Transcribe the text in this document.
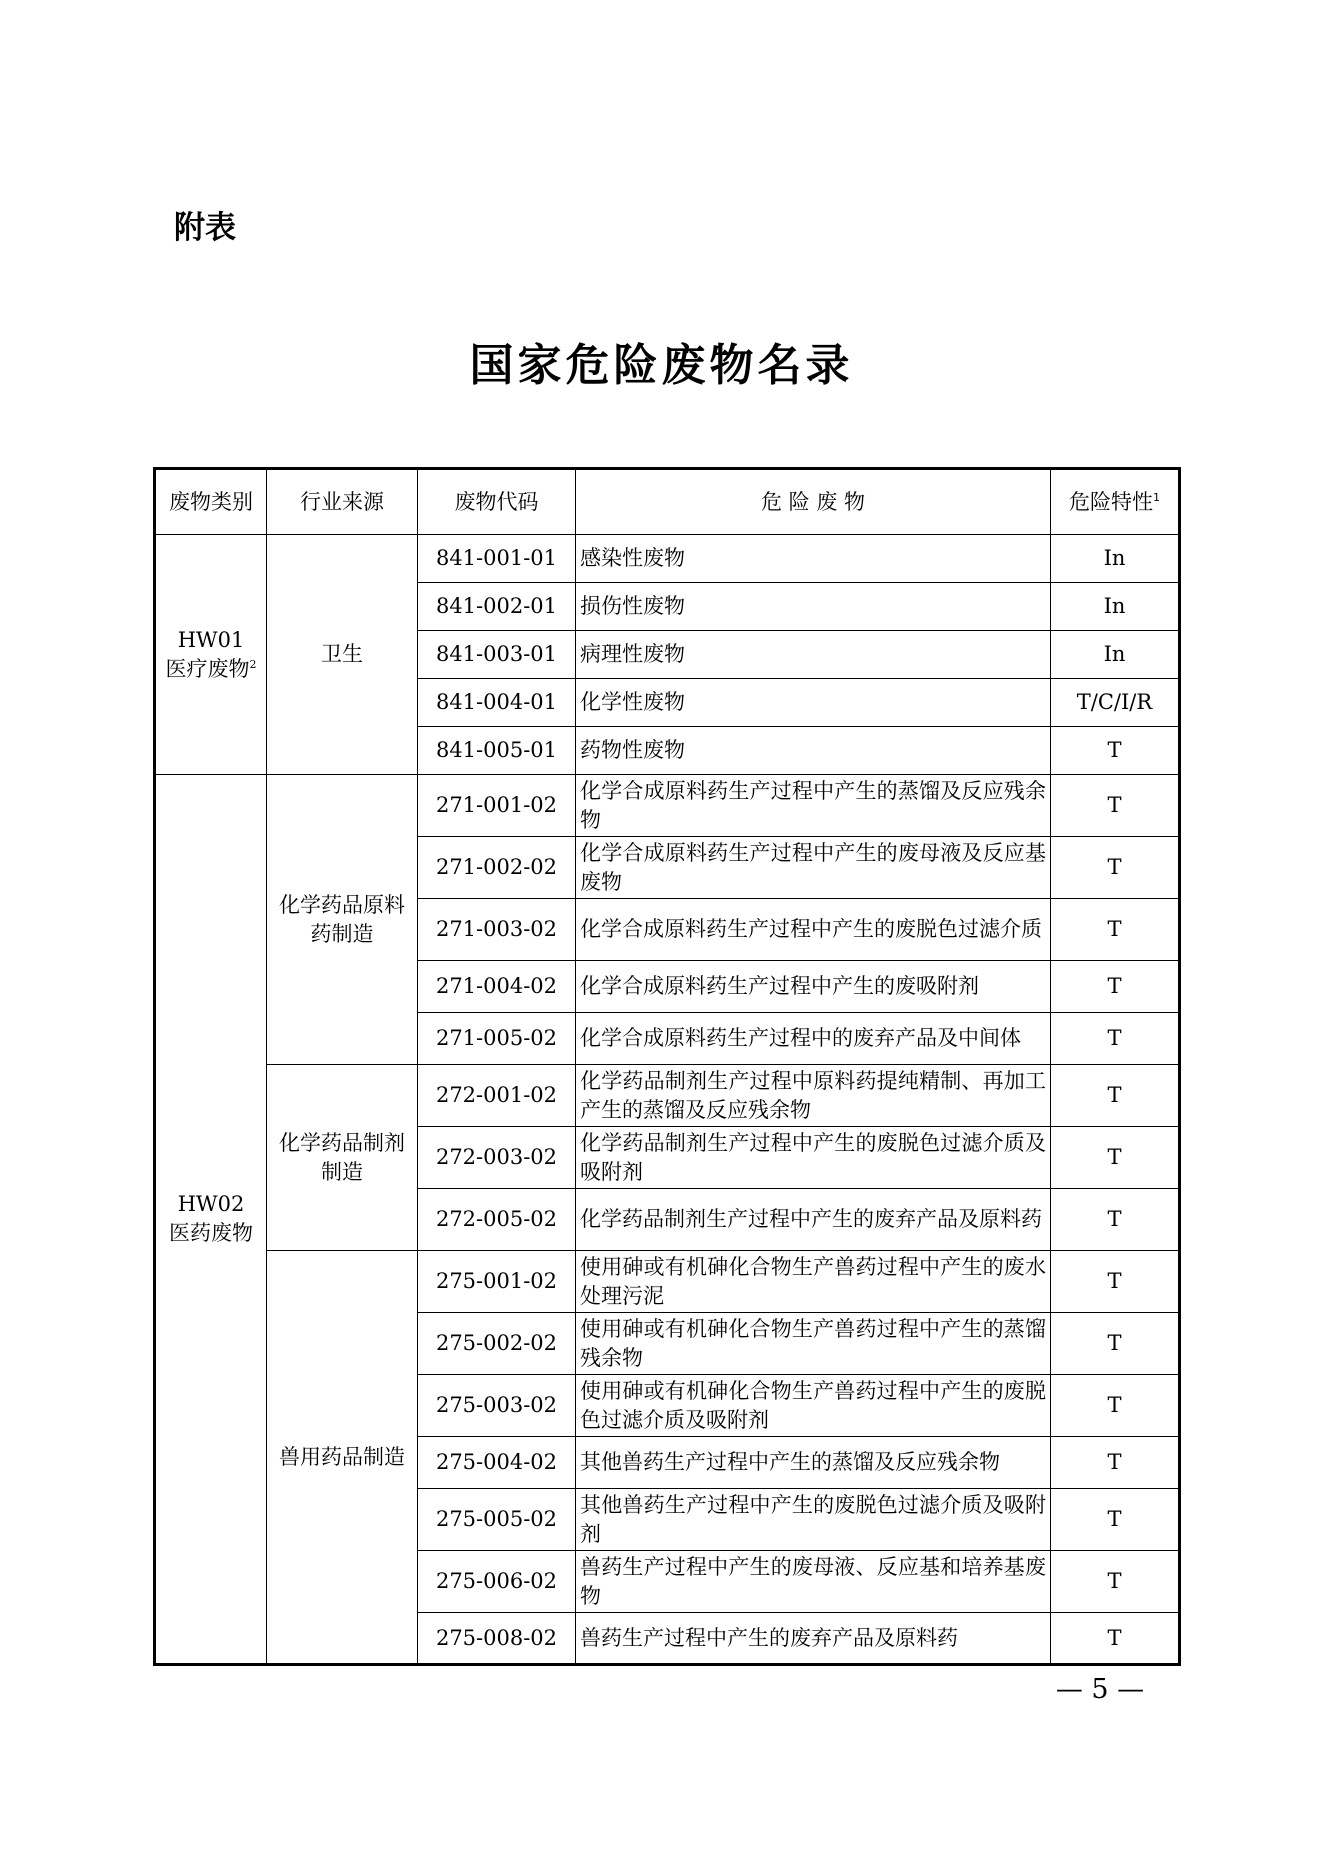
附表
国家危险废物名录
废物类别	行业来源	废物代码	危 险 废 物	危险特性$^1$

HW01
医疗废物$^2$	卫生	841-001-01	感染性废物	In
		841-002-01	损伤性废物	In
		841-003-01	病理性废物	In
		841-004-01	化学性废物	T/C/I/R
		841-005-01	药物性废物	T

HW02
医药废物	化学药品原料药制造	271-001-02	化学合成原料药生产过程中产生的蒸馏及反应残余物	T
		271-002-02	化学合成原料药生产过程中产生的废母液及反应基废物	T
		271-003-02	化学合成原料药生产过程中产生的废脱色过滤介质	T
		271-004-02	化学合成原料药生产过程中产生的废吸附剂	T
		271-005-02	化学合成原料药生产过程中的废弃产品及中间体	T
	化学药品制剂制造	272-001-02	化学药品制剂生产过程中原料药提纯精制、再加工产生的蒸馏及反应残余物	T
		272-003-02	化学药品制剂生产过程中产生的废脱色过滤介质及吸附剂	T
		272-005-02	化学药品制剂生产过程中产生的废弃产品及原料药	T
	兽用药品制造	275-001-02	使用砷或有机砷化合物生产兽药过程中产生的废水处理污泥	T
		275-002-02	使用砷或有机砷化合物生产兽药过程中产生的蒸馏残余物	T
		275-003-02	使用砷或有机砷化合物生产兽药过程中产生的废脱色过滤介质及吸附剂	T
		275-004-02	其他兽药生产过程中产生的蒸馏及反应残余物	T
		275-005-02	其他兽药生产过程中产生的废脱色过滤介质及吸附剂	T
		275-006-02	兽药生产过程中产生的废母液、反应基和培养基废物	T
		275-008-02	兽药生产过程中产生的废弃产品及原料药	T
— 5 —
